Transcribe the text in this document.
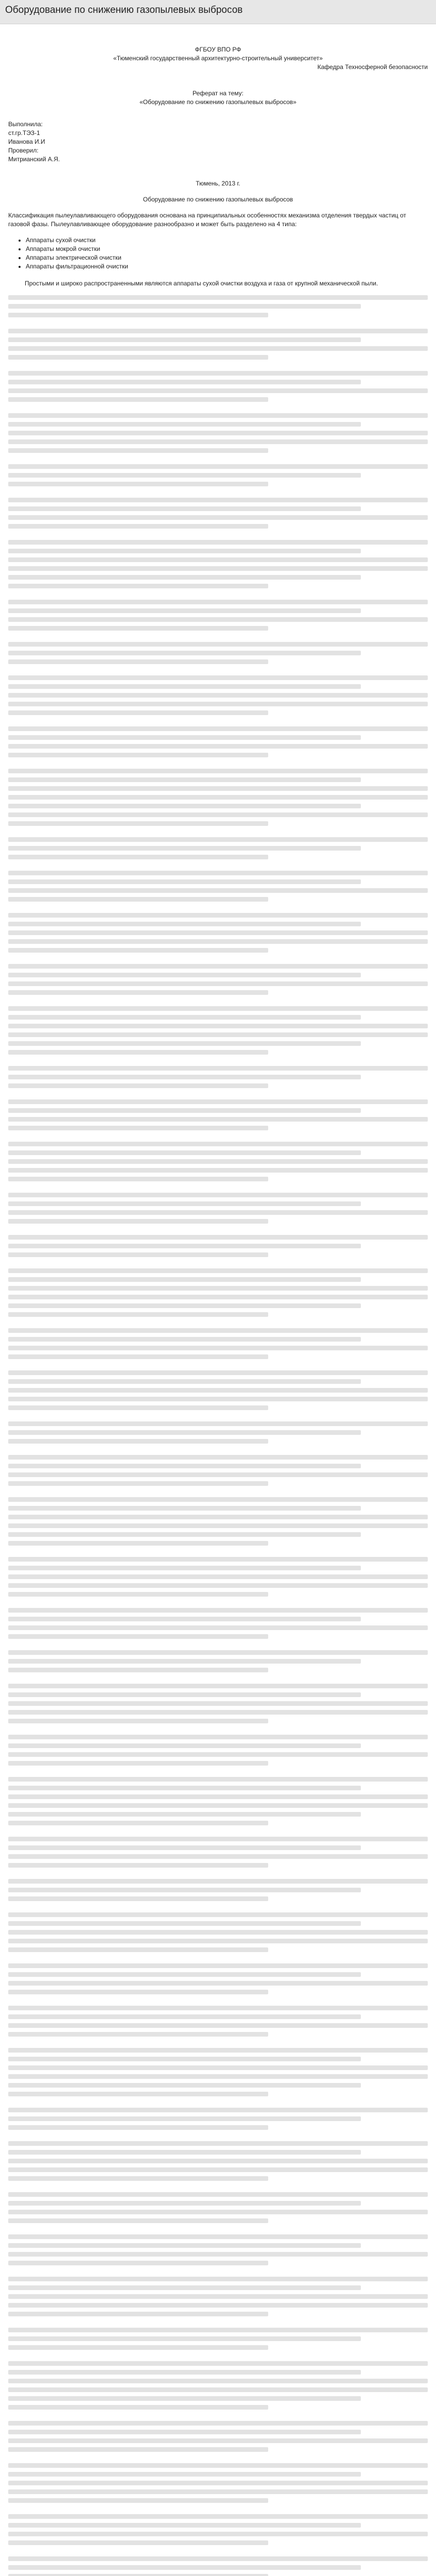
Оборудование по снижению газопылевых выбросов

ФГБОУ ВПО РФ

«Тюменский государственный архитектурно-строительный университет»

Кафедра Техносферной безопасности

Реферат на тему:

«Оборудование по снижению газопылевых выбросов»

Выполнила:

ст.гр.ТЭЗ-1

Иванова И.И

Проверил:

Митрианский А.Я.

Тюмень, 2013 г.

Оборудование по снижению газопылевых выбросов

Классификация пылеулавливающего оборудования основана на принципиальных особенностях механизма отделения твердых частиц от газовой фазы. Пылеулавливающее оборудование разнообразно и может быть разделено на 4 типа:

• Аппараты сухой очистки
• Аппараты мокрой очистки
• Аппараты электрической очистки
• Аппараты фильтрационной очистки

Простыми и широко распространенными являются аппараты сухой очистки воздуха и газа от крупной механической пыли.
